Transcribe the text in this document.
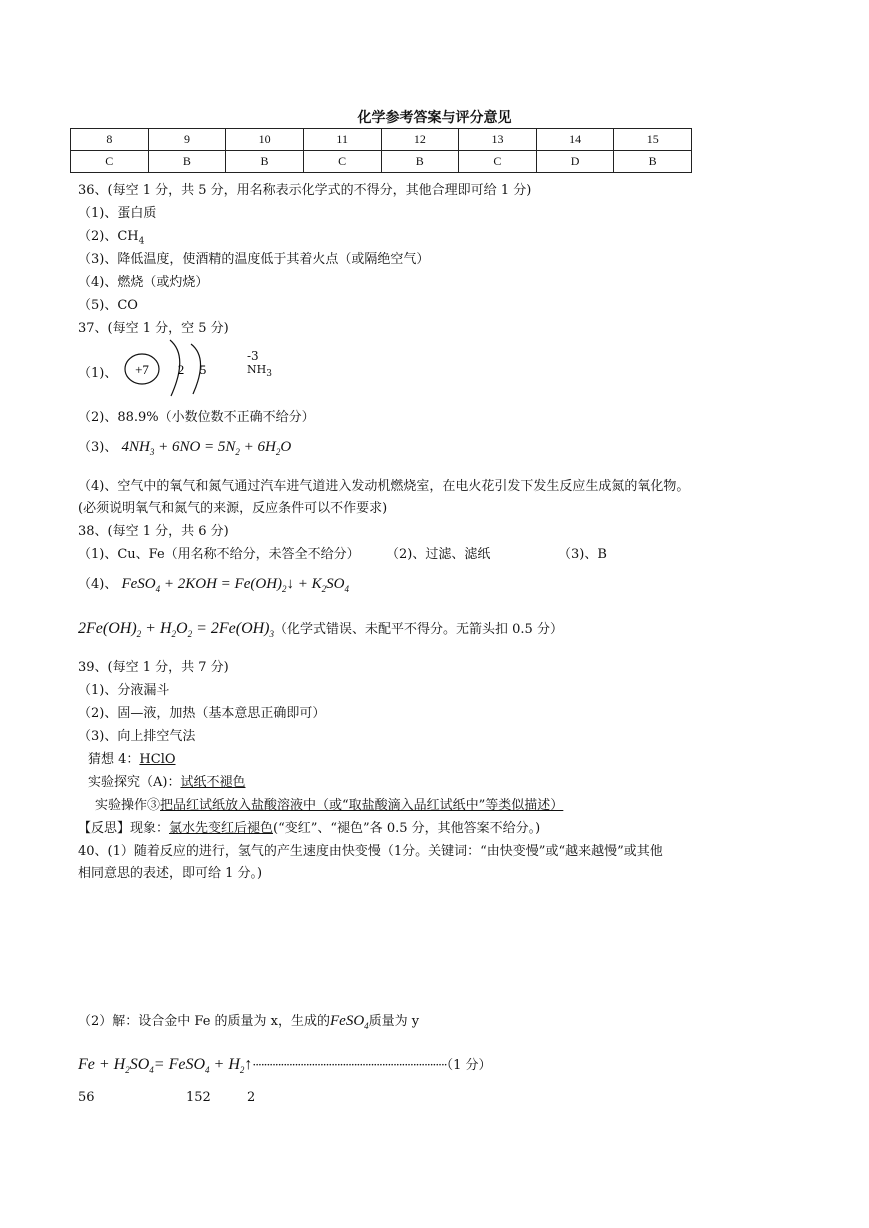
化学参考答案与评分意见
8	9	10	11	12	13	14	15
C	B	B	C	B	C	D	B
36、(每空 1 分，共 5 分，用名称表示化学式的不得分，其他合理即可给 1 分)
（1)、蛋白质
（2)、$CH_4$
（3)、降低温度，使酒精的温度低于其着火点（或隔绝空气）
（4)、燃烧（或灼烧）
（5)、CO
37、(每空 1 分，空 5 分)
（1)、 +7 2 5
-3
$NH_3$
（2)、88.9%（小数位数不正确不给分）
（3)、 $4NH_3 + 6NO = 5N_2 + 6H_2O$
（4)、空气中的氧气和氮气通过汽车进气道进入发动机燃烧室，在电火花引发下发生反应生成氮的氧化物。
(必须说明氧气和氮气的来源，反应条件可以不作要求)
38、(每空 1 分，共 6 分)
（1)、Cu、Fe（用名称不给分，未答全不给分） （2)、过滤、滤纸	（3)、B
（4)、 FeSO$_4$ + $2KOH = Fe(OH)_2↓ + K_2SO_4$
$2Fe(OH)_2 + H_2O_2 = 2Fe(OH)_3$（化学式错误、未配平不得分。无箭头扣 0.5 分）
39、(每空 1 分，共 7 分)
（1)、分液漏斗
（2)、固—液，加热（基本意思正确即可）
（3)、向上排空气法
猜想 4：HClO
实验探究（A)：试纸不褪色
实验操作③把品红试纸放入盐酸溶液中（或“取盐酸滴入品红试纸中”等类似描述）
【反思】现象：氯水先变红后褪色(“变红”、“褪色”各 0.5 分，其他答案不给分。)
40、(1）随着反应的进行，氢气的产生速度由快变慢（1分。关键词：“由快变慢”或“越来越慢”或其他
相同意思的表述，即可给 1 分。)
（2）解：设合金中 Fe 的质量为 x，生成的FeSO$_4$质量为 y
$Fe + H_2SO_4=$ FeSO$_4$ + $H_2↑\cdot\cdot\cdot\cdot\cdot\cdot\cdot\cdot\cdot\cdot\cdot\cdot\cdot\cdot\cdot\cdot\cdot\cdot\cdot\cdot\cdot\cdot\cdot\cdot\cdot\cdot\cdot\cdot\cdot\cdot\cdot\cdot\cdot\cdot\cdot\cdot\cdot\cdot\cdot\cdot\cdot\cdot\cdot\cdot\cdot\cdot\cdot\cdot\cdot\cdot\cdot\cdot\cdot\cdot\cdot\cdot\cdot\cdot\cdot\cdot\cdot\cdot\cdot\cdot\cdot\cdot\cdot\cdot\cdot(1$ 分）
56	152	2
